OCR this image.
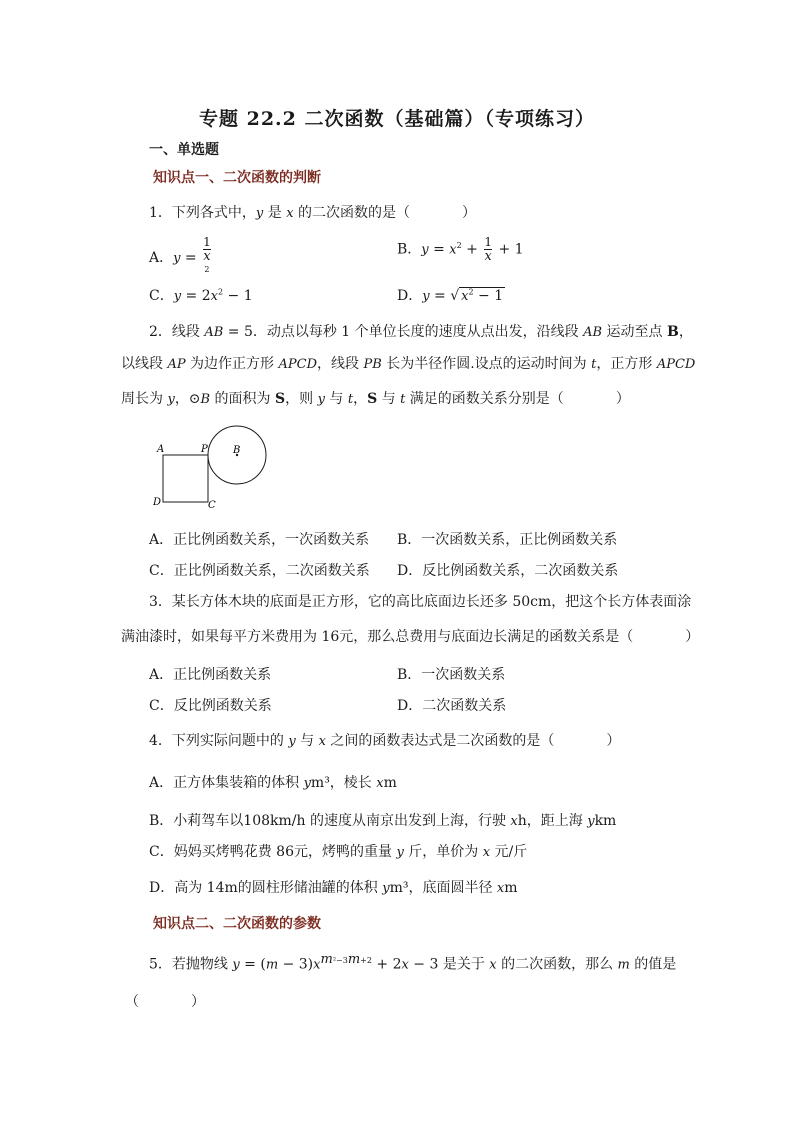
专题 22.2 二次函数（基础篇）（专项练习）
一、单选题
知识点一、二次函数的判断
1．下列各式中，y 是 x 的二次函数的是（	）
A．y = 1
x
$^2$	B．$y = x^2 + \frac{1}{x} + 1$
C．$y = 2x^2 - 1$	D．y = √ $x^2 - 1$
2．线段 AB = 5．动点以每秒 1 个单位长度的速度从点出发，沿线段 AB 运动至点 B，
以线段 AP 为边作正方形 APCD，线段 PB 长为半径作圆.设点的运动时间为 t，正方形 APCD
周长为 y，⊙B 的面积为 S，则 y 与 t，S 与 t 满足的函数关系分别是（	）
A	P	B
D	C
A．正比例函数关系，一次函数关系 B．一次函数关系，正比例函数关系
C．正比例函数关系，二次函数关系 D．反比例函数关系，二次函数关系
3．某长方体木块的底面是正方形，它的高比底面边长还多 50cm，把这个长方体表面涂
满油漆时，如果每平方米费用为 16元，那么总费用与底面边长满足的函数关系是（	）
A．正比例函数关系	B．一次函数关系
C．反比例函数关系	D．二次函数关系
4．下列实际问题中的 y 与 x 之间的函数表达式是二次函数的是（	）
A．正方体集装箱的体积 ym³，棱长 xm
B．小莉驾车以108km/h 的速度从南京出发到上海，行驶 xh，距上海 ykm
C．妈妈买烤鸭花费 86元，烤鸭的重量 y 斤，单价为 x 元/斤
D．高为 14m的圆柱形储油罐的体积 ym³，底面圆半径 xm
知识点二、二次函数的参数
5．若抛物线 $y = (m - 3)x^{m^2-3m+2} + 2x - 3$ 是关于 x 的二次函数，那么 m 的值是
（	）
